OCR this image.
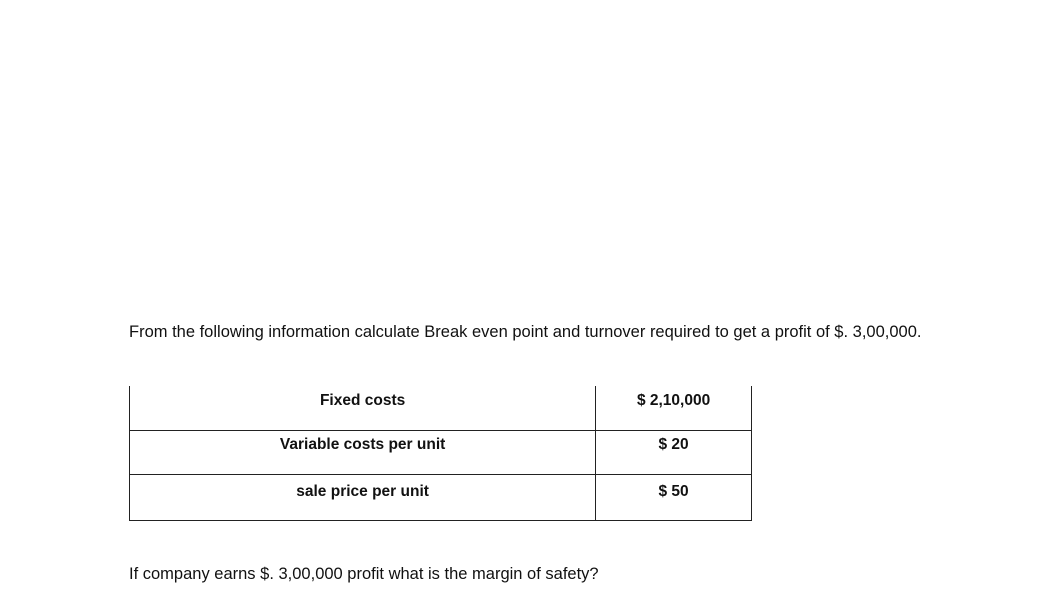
From the following information calculate Break even point and turnover required to get a profit of $. 3,00,000.

Fixed costs	$ 2,10,000
Variable costs per unit	$ 20
sale price per unit	$ 50

If company earns $. 3,00,000 profit what is the margin of safety?
